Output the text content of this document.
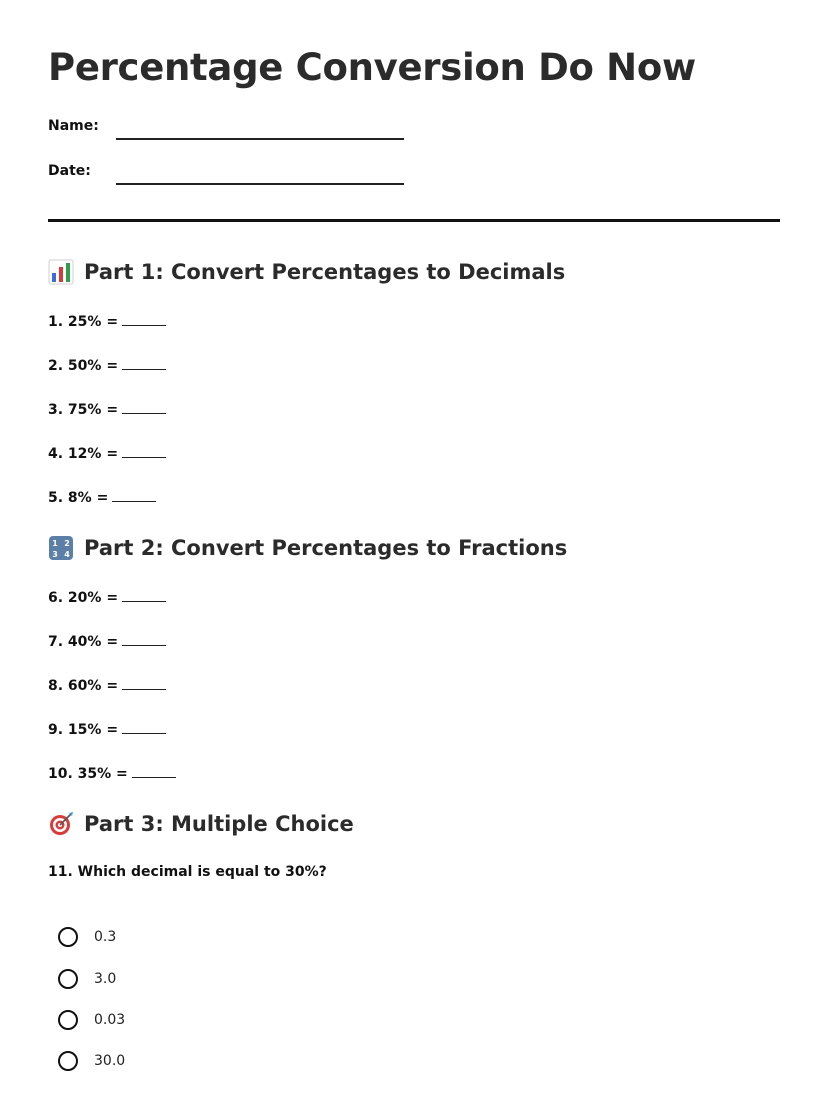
Percentage Conversion Do Now
Name:
Date:
Part 1: Convert Percentages to Decimals
1. 25% =
2. 50% =
3. 75% =
4. 12% =
5. 8% =
1 2
3 4 Part 2: Convert Percentages to Fractions
6. 20% =
7. 40% =
8. 60% =
9. 15% =
10. 35% =
Part 3: Multiple Choice
11. Which decimal is equal to 30%?
0.3
3.0
0.03
30.0
